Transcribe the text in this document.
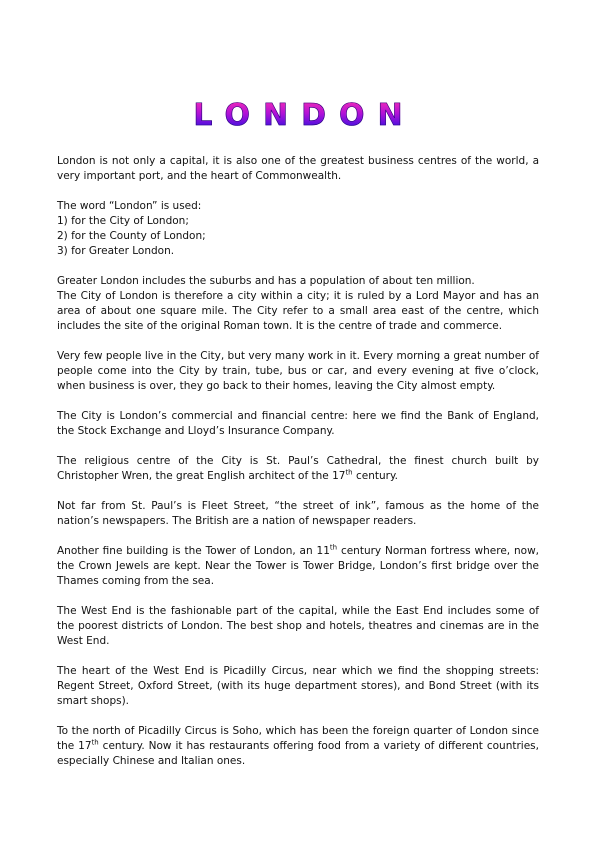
LONDON

London is not only a capital, it is also one of the greatest business centres of the world, a very important port, and the heart of Commonwealth.

The word “London” is used:
1) for the City of London;
2) for the County of London;
3) for Greater London.

Greater London includes the suburbs and has a population of about ten million.

The City of London is therefore a city within a city; it is ruled by a Lord Mayor and has an area of about one square mile. The City refer to a small area east of the centre, which includes the site of the original Roman town. It is the centre of trade and commerce.

Very few people live in the City, but very many work in it. Every morning a great number of people come into the City by train, tube, bus or car, and every evening at five o’clock, when business is over, they go back to their homes, leaving the City almost empty.

The City is London’s commercial and financial centre: here we find the Bank of England, the Stock Exchange and Lloyd’s Insurance Company.

The religious centre of the City is St. Paul’s Cathedral, the finest church built by Christopher Wren, the great English architect of the 17th century.

Not far from St. Paul’s is Fleet Street, “the street of ink”, famous as the home of the nation’s newspapers. The British are a nation of newspaper readers.

Another fine building is the Tower of London, an 11th century Norman fortress where, now, the Crown Jewels are kept. Near the Tower is Tower Bridge, London’s first bridge over the Thames coming from the sea.

The West End is the fashionable part of the capital, while the East End includes some of the poorest districts of London. The best shop and hotels, theatres and cinemas are in the West End.

The heart of the West End is Picadilly Circus, near which we find the shopping streets: Regent Street, Oxford Street, (with its huge department stores), and Bond Street (with its smart shops).

To the north of Picadilly Circus is Soho, which has been the foreign quarter of London since the 17th century. Now it has restaurants offering food from a variety of different countries, especially Chinese and Italian ones.
